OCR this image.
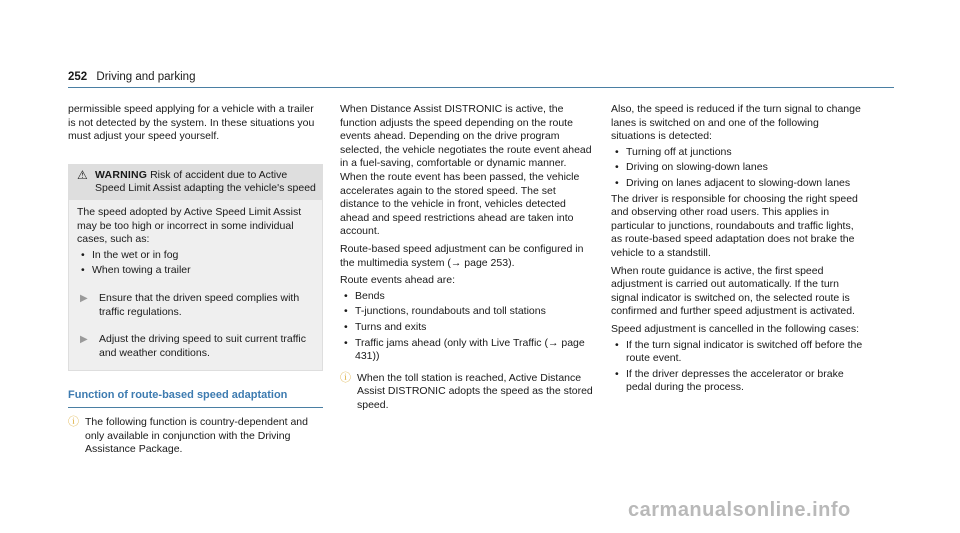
252 Driving and parking

permissible speed applying for a vehicle with a trailer is not detected by the system. In these situations you must adjust your speed yourself.

⚠ WARNING Risk of accident due to Active Speed Limit Assist adapting the vehicle's speed

The speed adopted by Active Speed Limit Assist may be too high or incorrect in some individual cases, such as:

• In the wet or in fog
• When towing a trailer
▶	Ensure that the driven speed complies with traffic regulations.
▶	Adjust the driving speed to suit current traffic and weather conditions.
Function of route-based speed adaptation
ⓘ The following function is country-dependent and only available in conjunction with the Driving Assistance Package.

When Distance Assist DISTRONIC is active, the function adjusts the speed depending on the route events ahead. Depending on the drive program selected, the vehicle negotiates the route event ahead in a fuel-saving, comfortable or dynamic manner. When the route event has been passed, the vehicle accelerates again to the stored speed. The set distance to the vehicle in front, vehicles detected ahead and speed restrictions ahead are taken into account.

Route-based speed adjustment can be configured in the multimedia system (→ page 253).

Route events ahead are:

• Bends
• T-junctions, roundabouts and toll stations
• Turns and exits
• Traffic jams ahead (only with Live Traffic (→ page 431))
ⓘ When the toll station is reached, Active Distance Assist DISTRONIC adopts the speed as the stored speed.

Also, the speed is reduced if the turn signal to change lanes is switched on and one of the following situations is detected:

• Turning off at junctions
• Driving on slowing-down lanes
• Driving on lanes adjacent to slowing-down lanes

The driver is responsible for choosing the right speed and observing other road users. This applies in particular to junctions, roundabouts and traffic lights, as route-based speed adaptation does not brake the vehicle to a standstill.

When route guidance is active, the first speed adjustment is carried out automatically. If the turn signal indicator is switched on, the selected route is confirmed and further speed adjustment is activated.

Speed adjustment is cancelled in the following cases:

• If the turn signal indicator is switched off before the route event.
• If the driver depresses the accelerator or brake pedal during the process.
carmanualsonline.info
